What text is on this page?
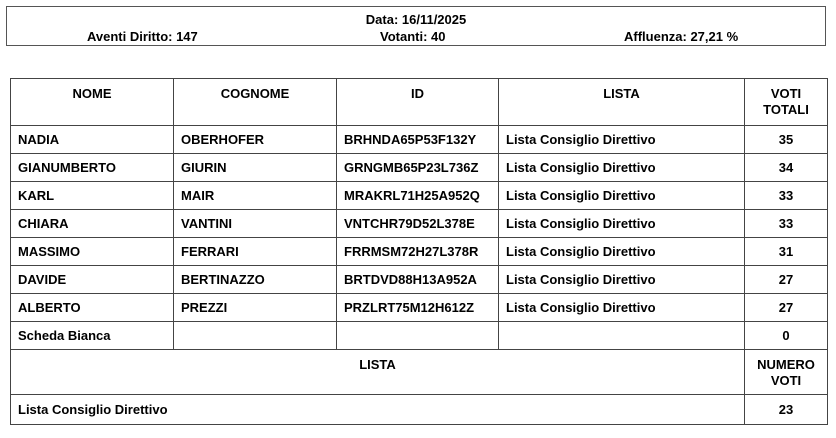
Data: 16/11/2025
Aventi Diritto: 147	Votanti: 40	Affluenza: 27,21 %
NOME	COGNOME	ID	LISTA	VOTI TOTALI
NADIA	OBERHOFER	BRHNDA65P53F132Y	Lista Consiglio Direttivo	35
GIANUMBERTO	GIURIN	GRNGMB65P23L736Z	Lista Consiglio Direttivo	34
KARL	MAIR	MRAKRL71H25A952Q	Lista Consiglio Direttivo	33
CHIARA	VANTINI	VNTCHR79D52L378E	Lista Consiglio Direttivo	33
MASSIMO	FERRARI	FRRMSM72H27L378R	Lista Consiglio Direttivo	31
DAVIDE	BERTINAZZO	BRTDVD88H13A952A	Lista Consiglio Direttivo	27
ALBERTO	PREZZI	PRZLRT75M12H612Z	Lista Consiglio Direttivo	27
Scheda Bianca				0
LISTA				NUMERO VOTI
Lista Consiglio Direttivo				23
